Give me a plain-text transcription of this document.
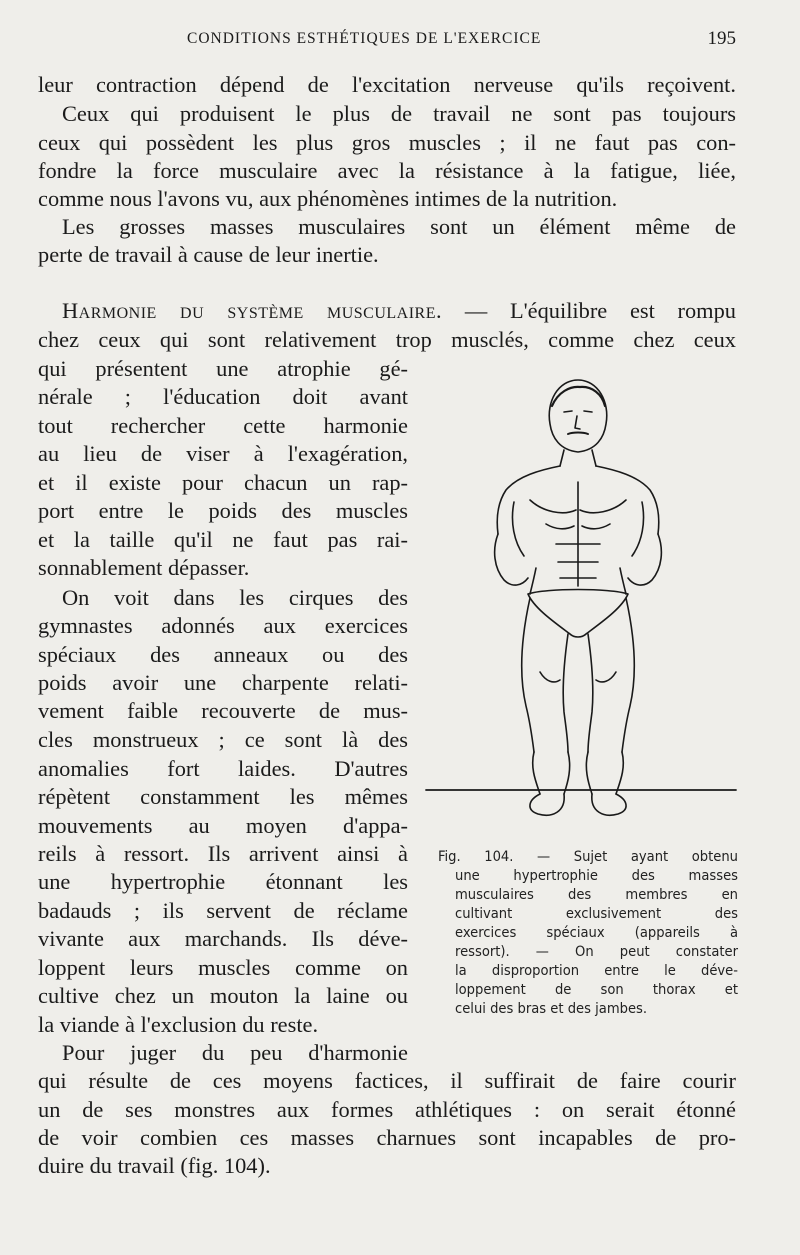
CONDITIONS ESTHÉTIQUES DE L'EXERCICE	195
leur contraction dépend de l'excitation nerveuse qu'ils reçoivent.
Ceux qui produisent le plus de travail ne sont pas toujours
ceux qui possèdent les plus gros muscles ; il ne faut pas con-
fondre la force musculaire avec la résistance à la fatigue, liée,
comme nous l'avons vu, aux phénomènes intimes de la nutrition.
Les grosses masses musculaires sont un élément même de
perte de travail à cause de leur inertie.
Harmonie du système musculaire. — L'équilibre est rompu
chez ceux qui sont relativement trop musclés, comme chez ceux
qui présentent une atrophie gé-
nérale ; l'éducation doit avant
tout rechercher cette harmonie
au lieu de viser à l'exagération,
et il existe pour chacun un rap-
port entre le poids des muscles
et la taille qu'il ne faut pas rai-
sonnablement dépasser.
On voit dans les cirques des
gymnastes adonnés aux exercices
spéciaux des anneaux ou des
poids avoir une charpente relati-
vement faible recouverte de mus-
cles monstrueux ; ce sont là des
anomalies fort laides. D'autres
répètent constamment les mêmes
mouvements au moyen d'appa-
reils à ressort. Ils arrivent ainsi à
une hypertrophie étonnant les
badauds ; ils servent de réclame
vivante aux marchands. Ils déve-
loppent leurs muscles comme on
cultive chez un mouton la laine ou
la viande à l'exclusion du reste.
Pour juger du peu d'harmonie
qui résulte de ces moyens factices, il suffirait de faire courir
un de ses monstres aux formes athlétiques : on serait étonné
de voir combien ces masses charnues sont incapables de pro-
duire du travail (fig. 104).
Fig. 104. — Sujet ayant obtenu
une hypertrophie des masses
musculaires des membres en
cultivant exclusivement des
exercices spéciaux (appareils à
ressort). — On peut constater
la disproportion entre le déve-
loppement de son thorax et
celui des bras et des jambes.
